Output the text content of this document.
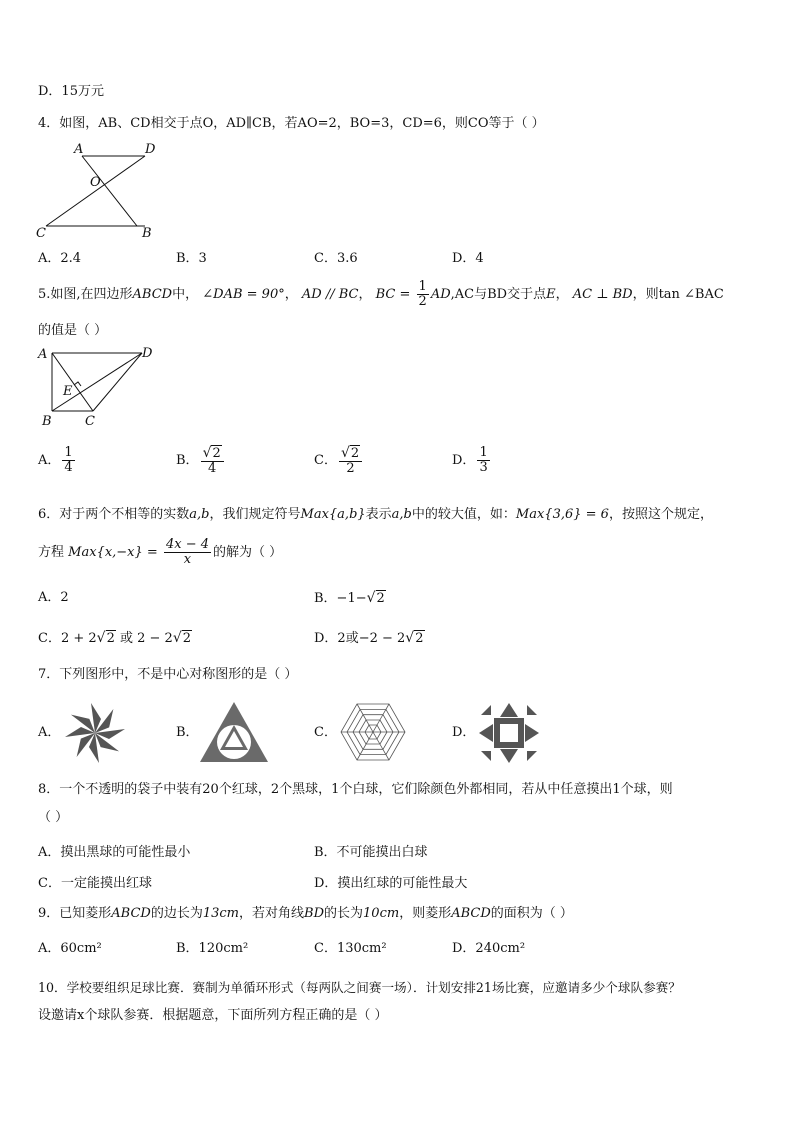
D．15万元
4．如图，AB、CD相交于点O，AD∥CB，若AO=2，BO=3，CD=6，则CO等于（ ）
A	D
O
C	B
A．2.4	B．3	C．3.6	D．4
5.如图,在四边形ABCD中， ∠DAB = 90°， AD // BC， BC = $\frac{1}{2} AD,AC$与BD交于点E， AC ⊥ BD，则tan ∠BAC
的值是（ ）
A	D
E
B	C
A． $\frac{1}{4}$	B． $\frac{√2}{4}$	C． $\frac{√2}{2}$	D． $\frac{1}{3}$
6．对于两个不相等的实数a,b，我们规定符号Max{a,b}表示a,b中的较大值，如：Max{3,6} = 6，按照这个规定，
方程 $Max\{x,-x\} = \frac{4x - 4}{x}$ 的解为（ ）
A．2	B．−1−√2
C．2 + 2√2 或 2 − 2√2	D．2或−2 − 2√2
7．下列图形中，不是中心对称图形的是（ ）
A．	B．	C．	D．
8．一个不透明的袋子中装有20个红球，2个黑球，1个白球，它们除颜色外都相同，若从中任意摸出1个球，则
（ ）
A．摸出黑球的可能性最小	B．不可能摸出白球
C．一定能摸出红球	D．摸出红球的可能性最大
9．已知菱形ABCD的边长为13cm，若对角线BD的长为10cm，则菱形ABCD的面积为（ ）
A．60cm²	B．120cm²	C．130cm²	D．240cm²
10．学校要组织足球比赛．赛制为单循环形式（每两队之间赛一场）．计划安排21场比赛，应邀请多少个球队参赛？
设邀请x个球队参赛．根据题意，下面所列方程正确的是（ ）
